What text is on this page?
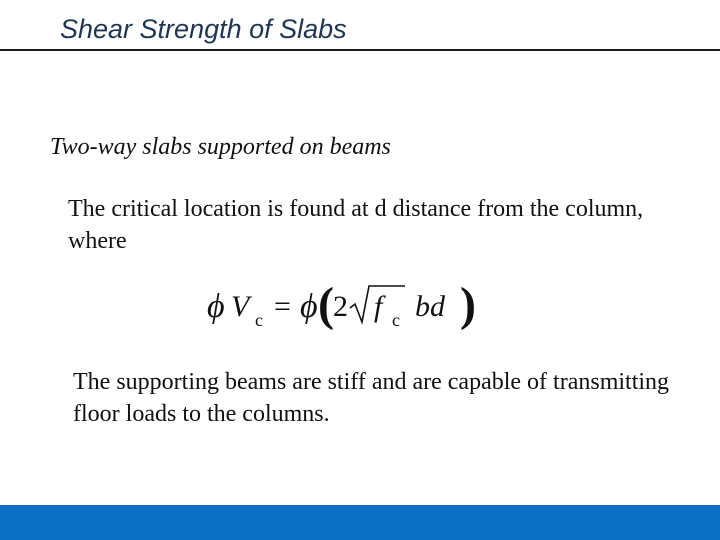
Shear Strength of Slabs
Two-way slabs supported on beams
The critical location is found at d distance from the column, where
ϕ V c = ϕ ( 2 f c bd )
The supporting beams are stiff and are capable of transmitting floor loads to the columns.
